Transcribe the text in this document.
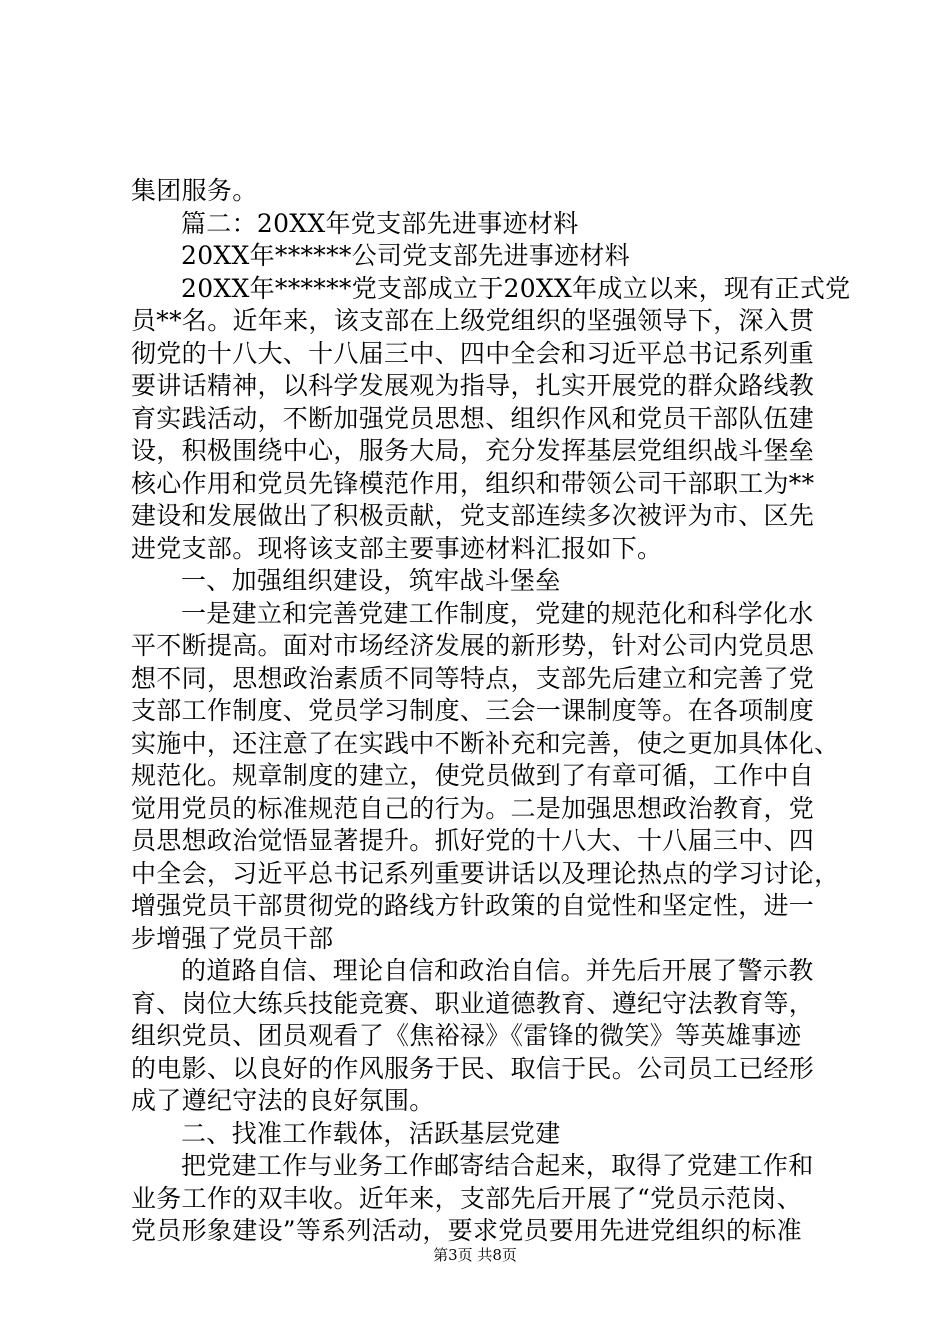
集团服务。
篇二：20XX年党支部先进事迹材料
20XX年******公司党支部先进事迹材料
20XX年******党支部成立于20XX年成立以来，现有正式党
员**名。近年来，该支部在上级党组织的坚强领导下，深入贯
彻党的十八大、十八届三中、四中全会和习近平总书记系列重
要讲话精神，以科学发展观为指导，扎实开展党的群众路线教
育实践活动，不断加强党员思想、组织作风和党员干部队伍建
设，积极围绕中心，服务大局，充分发挥基层党组织战斗堡垒
核心作用和党员先锋模范作用，组织和带领公司干部职工为**
建设和发展做出了积极贡献，党支部连续多次被评为市、区先
进党支部。现将该支部主要事迹材料汇报如下。
一、加强组织建设，筑牢战斗堡垒
一是建立和完善党建工作制度，党建的规范化和科学化水
平不断提高。面对市场经济发展的新形势，针对公司内党员思
想不同，思想政治素质不同等特点，支部先后建立和完善了党
支部工作制度、党员学习制度、三会一课制度等。在各项制度
实施中，还注意了在实践中不断补充和完善，使之更加具体化、
规范化。规章制度的建立，使党员做到了有章可循，工作中自
觉用党员的标准规范自己的行为。二是加强思想政治教育，党
员思想政治觉悟显著提升。抓好党的十八大、十八届三中、四
中全会，习近平总书记系列重要讲话以及理论热点的学习讨论，
增强党员干部贯彻党的路线方针政策的自觉性和坚定性，进一
步增强了党员干部
的道路自信、理论自信和政治自信。并先后开展了警示教
育、岗位大练兵技能竞赛、职业道德教育、遵纪守法教育等，
组织党员、团员观看了《焦裕禄》《雷锋的微笑》等英雄事迹
的电影、以良好的作风服务于民、取信于民。公司员工已经形
成了遵纪守法的良好氛围。
二、找准工作载体，活跃基层党建
把党建工作与业务工作邮寄结合起来，取得了党建工作和
业务工作的双丰收。近年来，支部先后开展了“党员示范岗、
党员形象建设”等系列活动，要求党员要用先进党组织的标准
第3页 共8页
